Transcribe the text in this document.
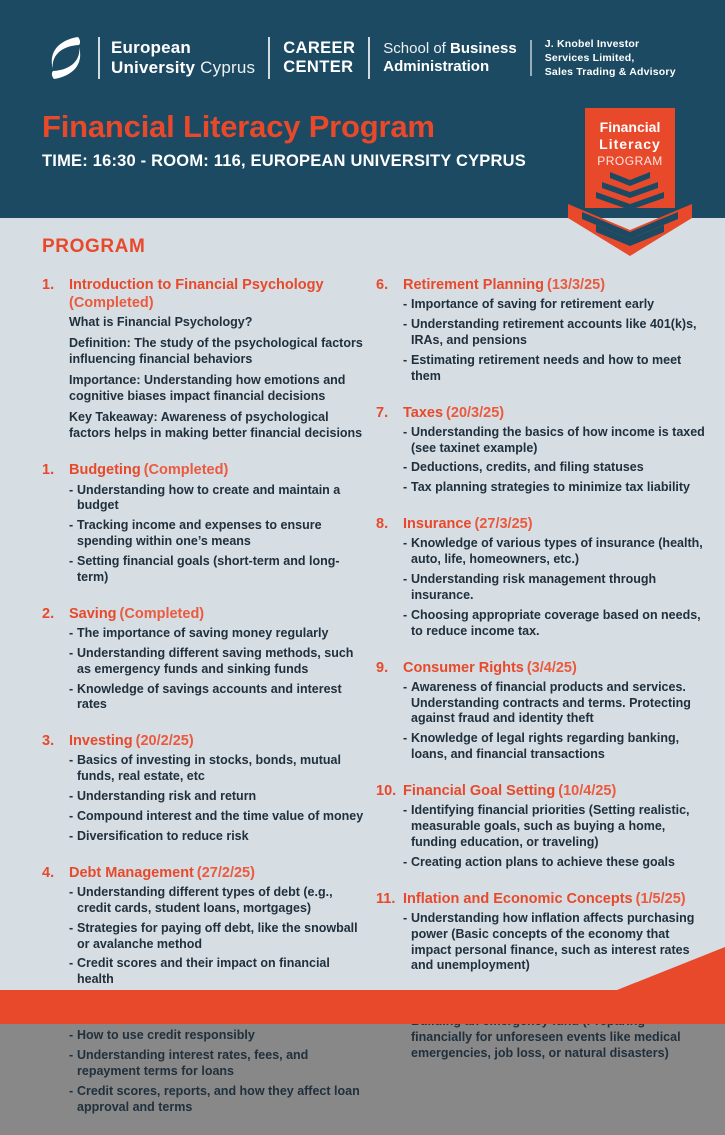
European
University Cyprus
CAREER
CENTER
School of Business
Administration
J. Knobel Investor
Services Limited,
Sales Trading & Advisory
Financial Literacy Program
TIME: 16:30 - ROOM: 116, EUROPEAN UNIVERSITY CYPRUS
Financial
Literacy
PROGRAM
PROGRAM
1.	Introduction to Financial Psychology
(Completed)
What is Financial Psychology?
Definition: The study of the psychological factors influencing financial behaviors
Importance: Understanding how emotions and cognitive biases impact financial decisions
Key Takeaway: Awareness of psychological factors helps in making better financial decisions
1.	Budgeting (Completed)
- Understanding how to create and maintain a budget
- Tracking income and expenses to ensure spending within one’s means
- Setting financial goals (short-term and long-term)
2.	Saving (Completed)
- The importance of saving money regularly
- Understanding different saving methods, such as emergency funds and sinking funds
- Knowledge of savings accounts and interest rates
3.	Investing (20/2/25)
- Basics of investing in stocks, bonds, mutual funds, real estate, etc
- Understanding risk and return
- Compound interest and the time value of money
- Diversification to reduce risk
4.	Debt Management (27/2/25)
- Understanding different types of debt (e.g., credit cards, student loans, mortgages)
- Strategies for paying off debt, like the snowball or avalanche method
- Credit scores and their impact on financial health
- How to use credit responsibly
- Understanding interest rates, fees, and repayment terms for loans
- Credit scores, reports, and how they affect loan approval and terms
6.	Retirement Planning (13/3/25)
- Importance of saving for retirement early
- Understanding retirement accounts like 401(k)s, IRAs, and pensions
- Estimating retirement needs and how to meet them
7.	Taxes (20/3/25)
- Understanding the basics of how income is taxed (see taxinet example)
- Deductions, credits, and filing statuses
- Tax planning strategies to minimize tax liability
8.	Insurance (27/3/25)
- Knowledge of various types of insurance (health, auto, life, homeowners, etc.)
- Understanding risk management through insurance.
- Choosing appropriate coverage based on needs, to reduce income tax.
9.	Consumer Rights (3/4/25)
- Awareness of financial products and services. Understanding contracts and terms. Protecting against fraud and identity theft
- Knowledge of legal rights regarding banking, loans, and financial transactions
10. Financial Goal Setting (10/4/25)
- Identifying financial priorities (Setting realistic, measurable goals, such as buying a home, funding education, or traveling)
- Creating action plans to achieve these goals
11. Inflation and Economic Concepts (1/5/25)
- Understanding how inflation affects purchasing power (Basic concepts of the economy that impact personal finance, such as interest rates and unemployment)
financially for unforeseen events like medical emergencies, job loss, or natural disasters)
